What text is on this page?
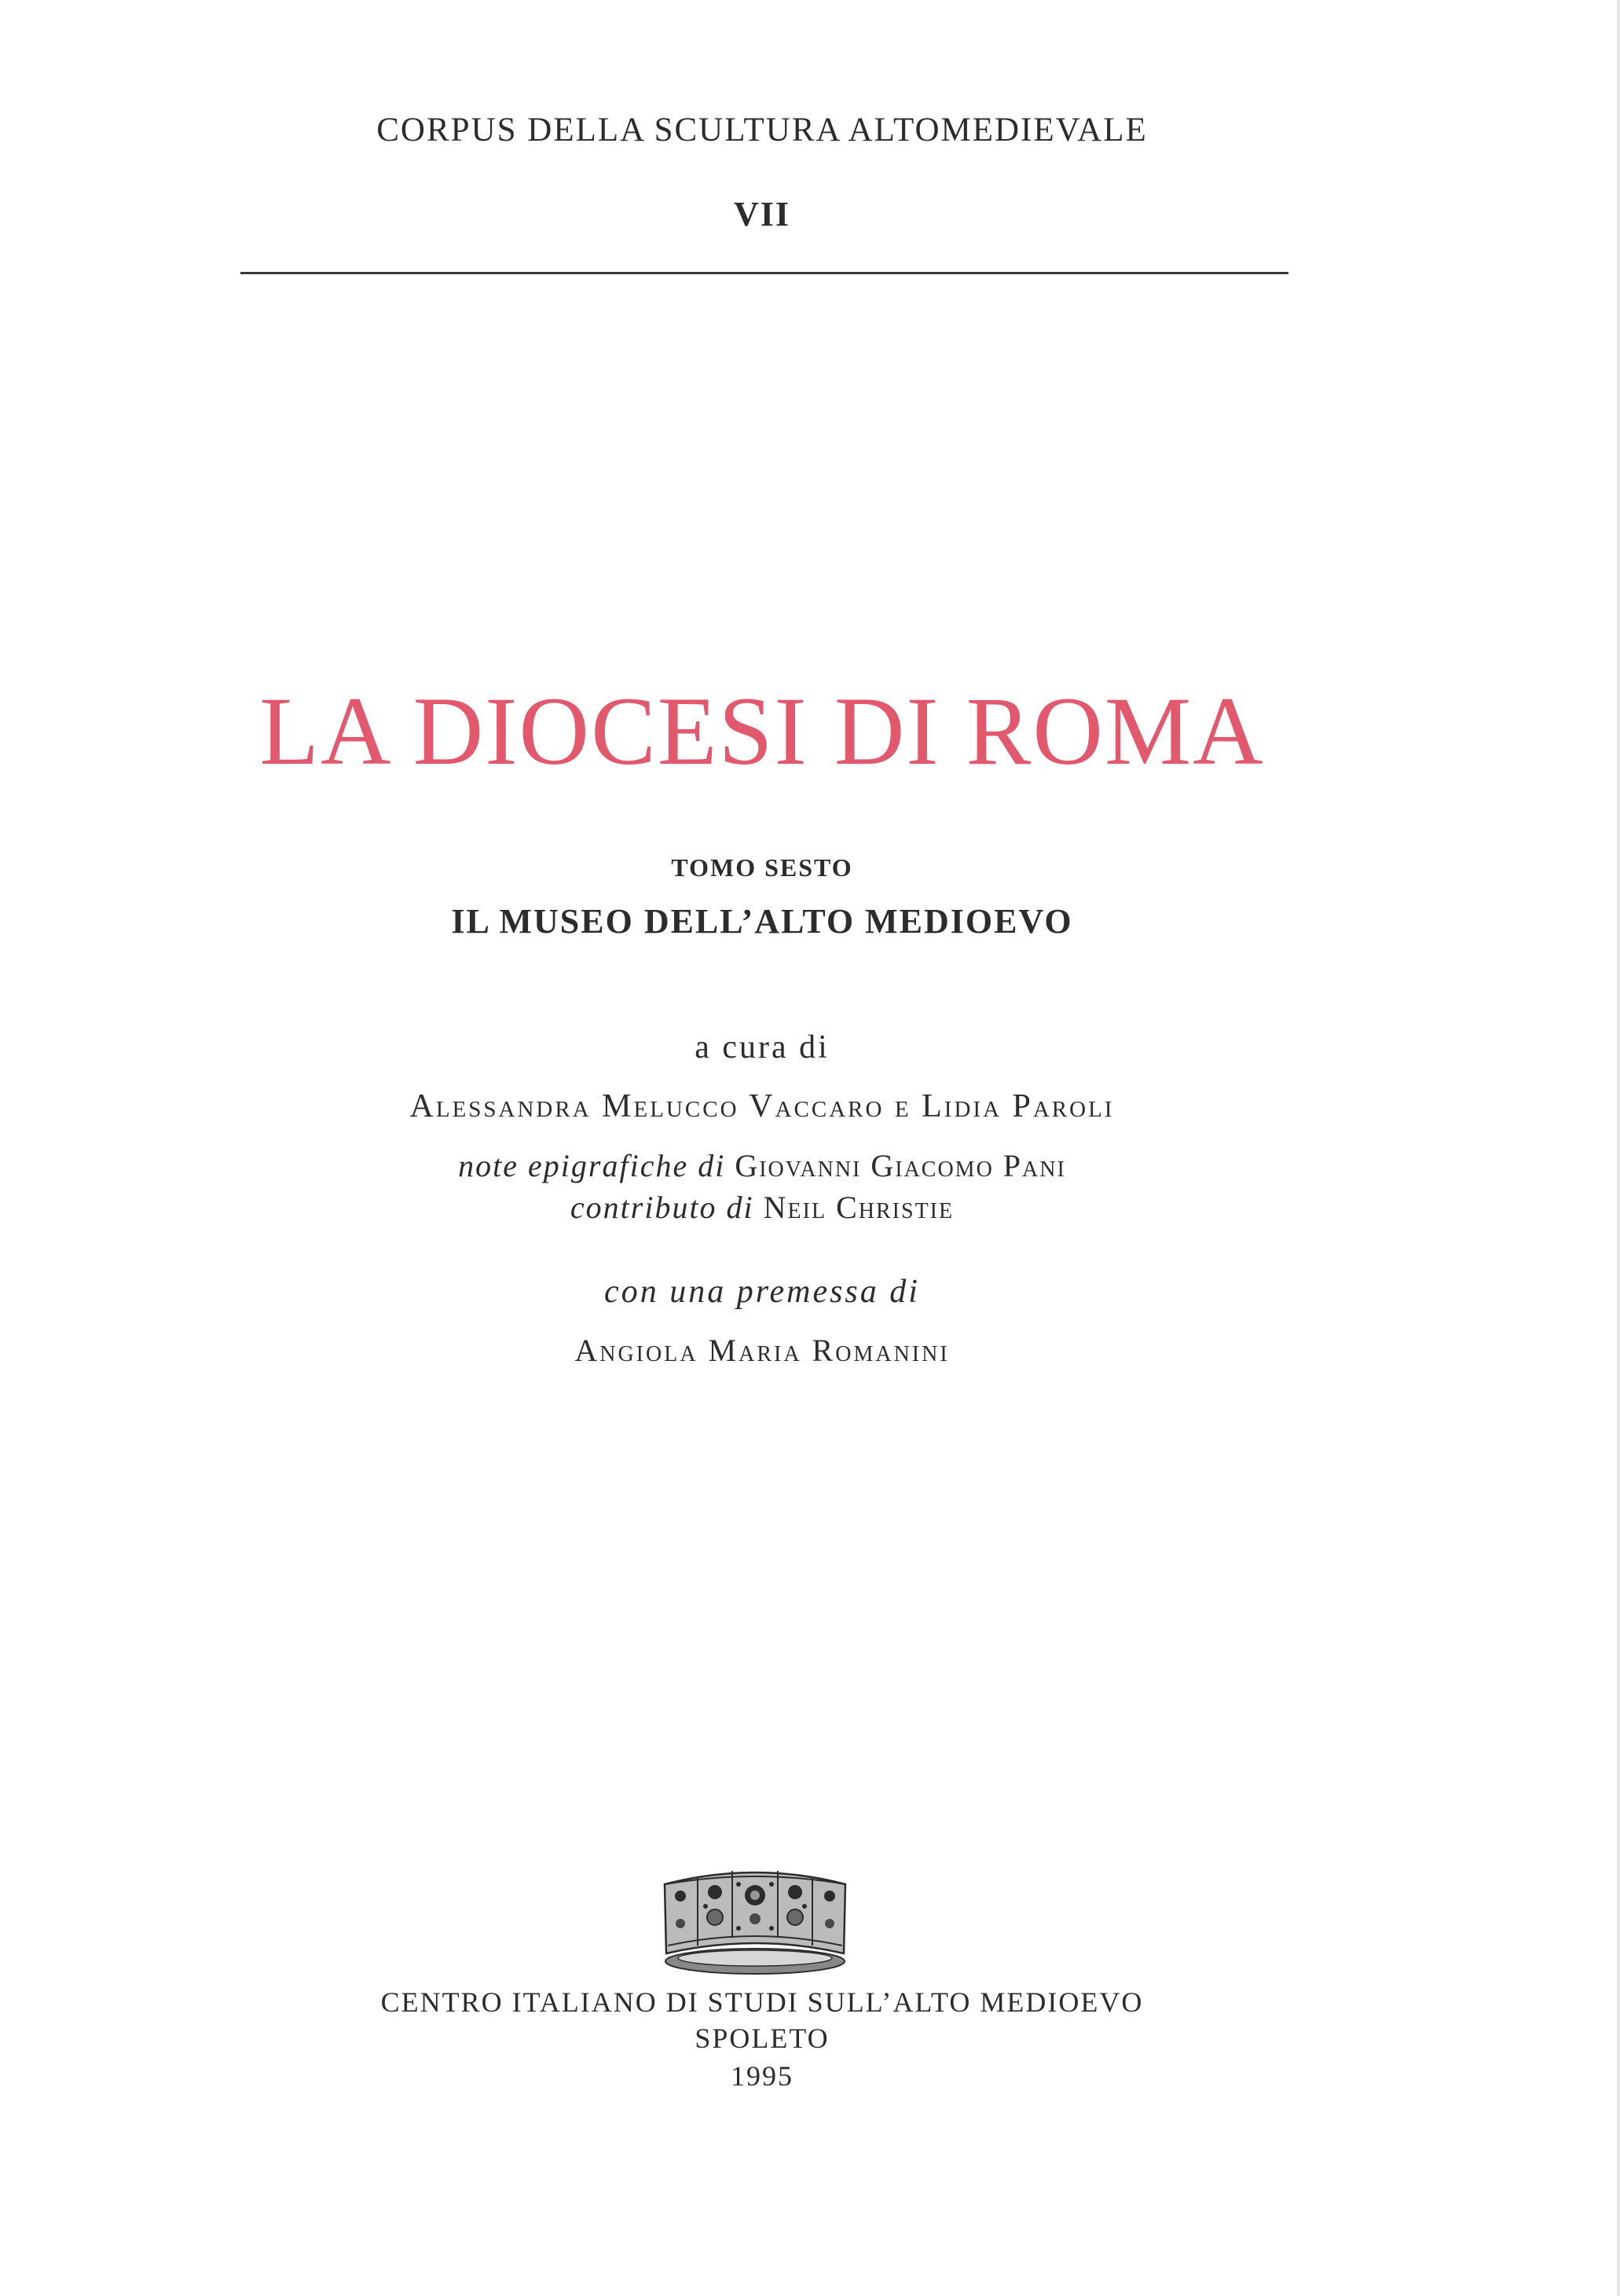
CORPUS DELLA SCULTURA ALTOMEDIEVALE
VII
LA DIOCESI DI ROMA
TOMO SESTO
IL MUSEO DELL’ALTO MEDIOEVO
a cura di
Alessandra Melucco Vaccaro e Lidia Paroli
note epigrafiche di Giovanni Giacomo Pani
contributo di Neil Christie
con una premessa di
Angiola Maria Romanini
CENTRO ITALIANO DI STUDI SULL’ALTO MEDIOEVO
SPOLETO
1995
